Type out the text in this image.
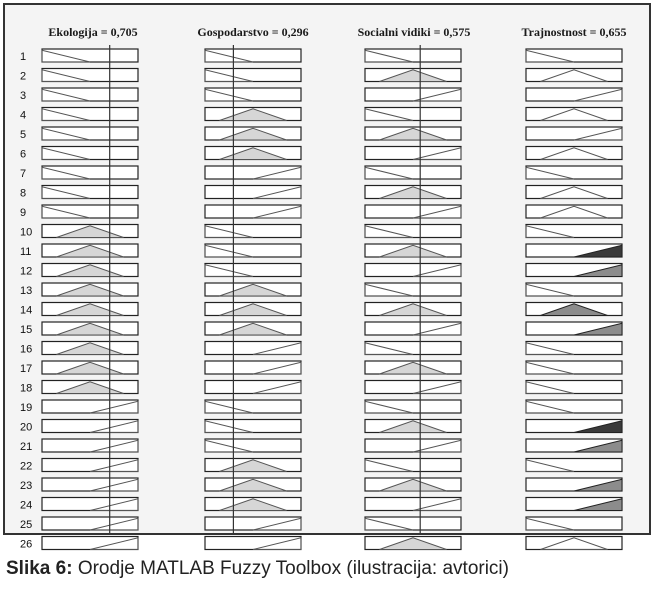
Ekologija = 0,705	Gospodarstvo = 0,296	Socialni vidiki = 0,575	Trajnostnost = 0,655
1
2
3
4
5
6
7
8
9
10
11
12
13
14
15
16
17
18
19
20
21
22
23
24
25
26
Slika 6: Orodje MATLAB Fuzzy Toolbox (ilustracija: avtorici)
